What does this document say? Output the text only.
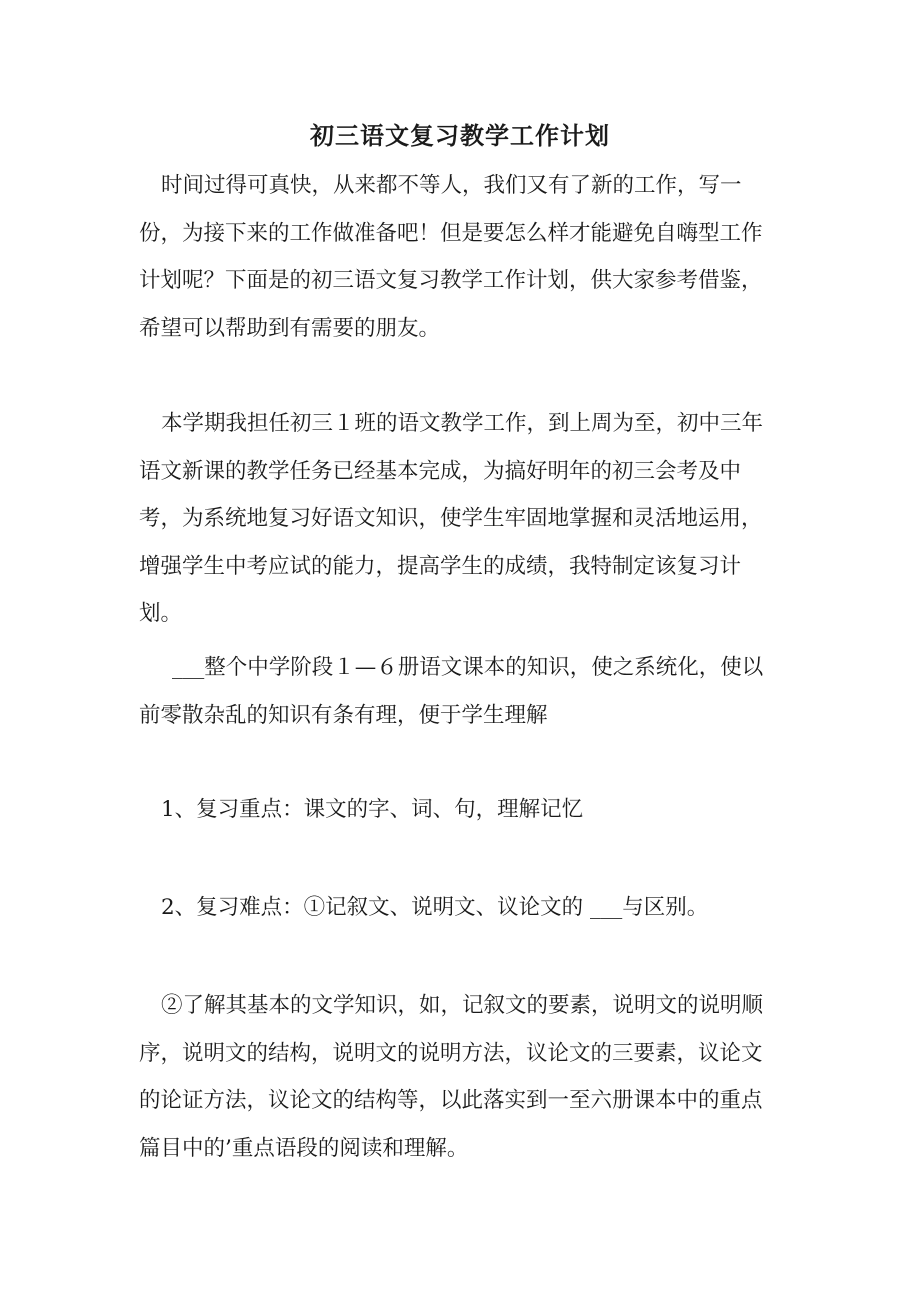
初三语文复习教学工作计划

时间过得可真快，从来都不等人，我们又有了新的工作，写一份，为接下来的工作做准备吧！但是要怎么样才能避免自嗨型工作计划呢？下面是的初三语文复习教学工作计划，供大家参考借鉴，希望可以帮助到有需要的朋友。

本学期我担任初三１班的语文教学工作，到上周为至，初中三年语文新课的教学任务已经基本完成，为搞好明年的初三会考及中考，为系统地复习好语文知识，使学生牢固地掌握和灵活地运用，增强学生中考应试的能力，提高学生的成绩，我特制定该复习计划。

___整个中学阶段１—６册语文课本的知识，使之系统化，使以前零散杂乱的知识有条有理，便于学生理解

1、复习重点：课文的字、词、句，理解记忆

2、复习难点：①记叙文、说明文、议论文的 ___与区别。

②了解其基本的文学知识，如，记叙文的要素，说明文的说明顺序，说明文的结构，说明文的说明方法，议论文的三要素，议论文的论证方法，议论文的结构等，以此落实到一至六册课本中的重点篇目中的’重点语段的阅读和理解。
